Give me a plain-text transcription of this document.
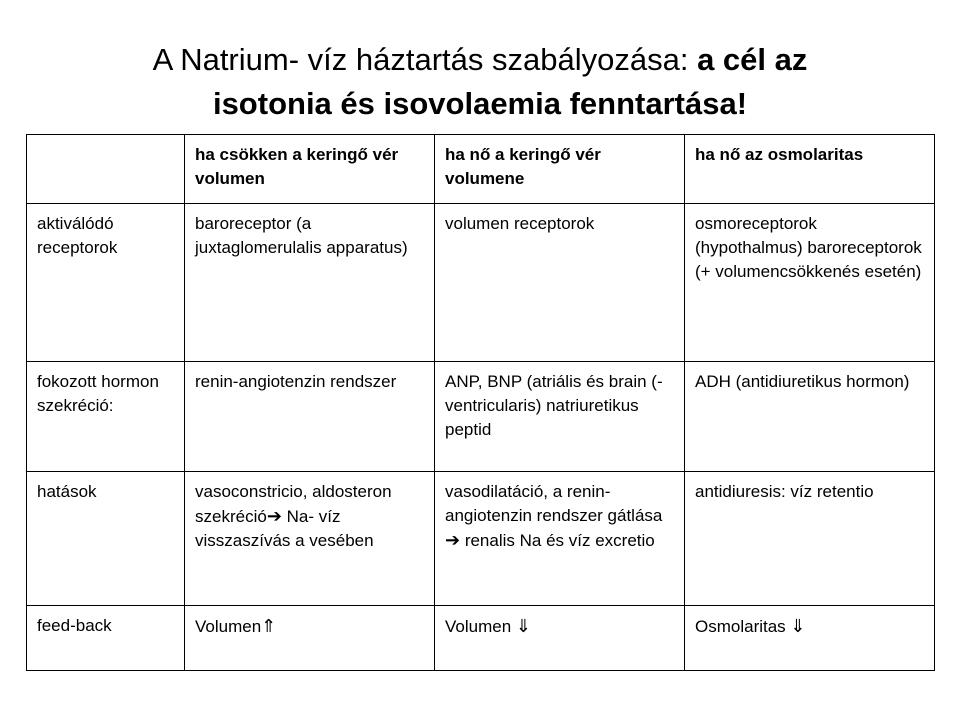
A Natrium- víz háztartás szabályozása: a cél az
isotonia és isovolaemia fenntartása!
	ha csökken a keringő vér volumen	ha nő a keringő vér volumene	ha nő az osmolaritas
aktiválódó receptorok	baroreceptor (a juxtaglomerulalis apparatus)	volumen receptorok	osmoreceptorok (hypothalmus) baroreceptorok (+ volumencsökkenés esetén)
fokozott hormon szekréció:	renin-angiotenzin rendszer	ANP, BNP (atriális és brain (-ventricularis) natriuretikus peptid	ADH (antidiuretikus hormon)
hatások	vasoconstricio, aldosteron szekréció➔ Na- víz visszaszívás a vesében	vasodilatáció, a renin-angiotenzin rendszer gátlása ➔ renalis Na és víz excretio	antidiuresis: víz retentio
feed-back	Volumen⇑	Volumen ⇓	Osmolaritas ⇓
